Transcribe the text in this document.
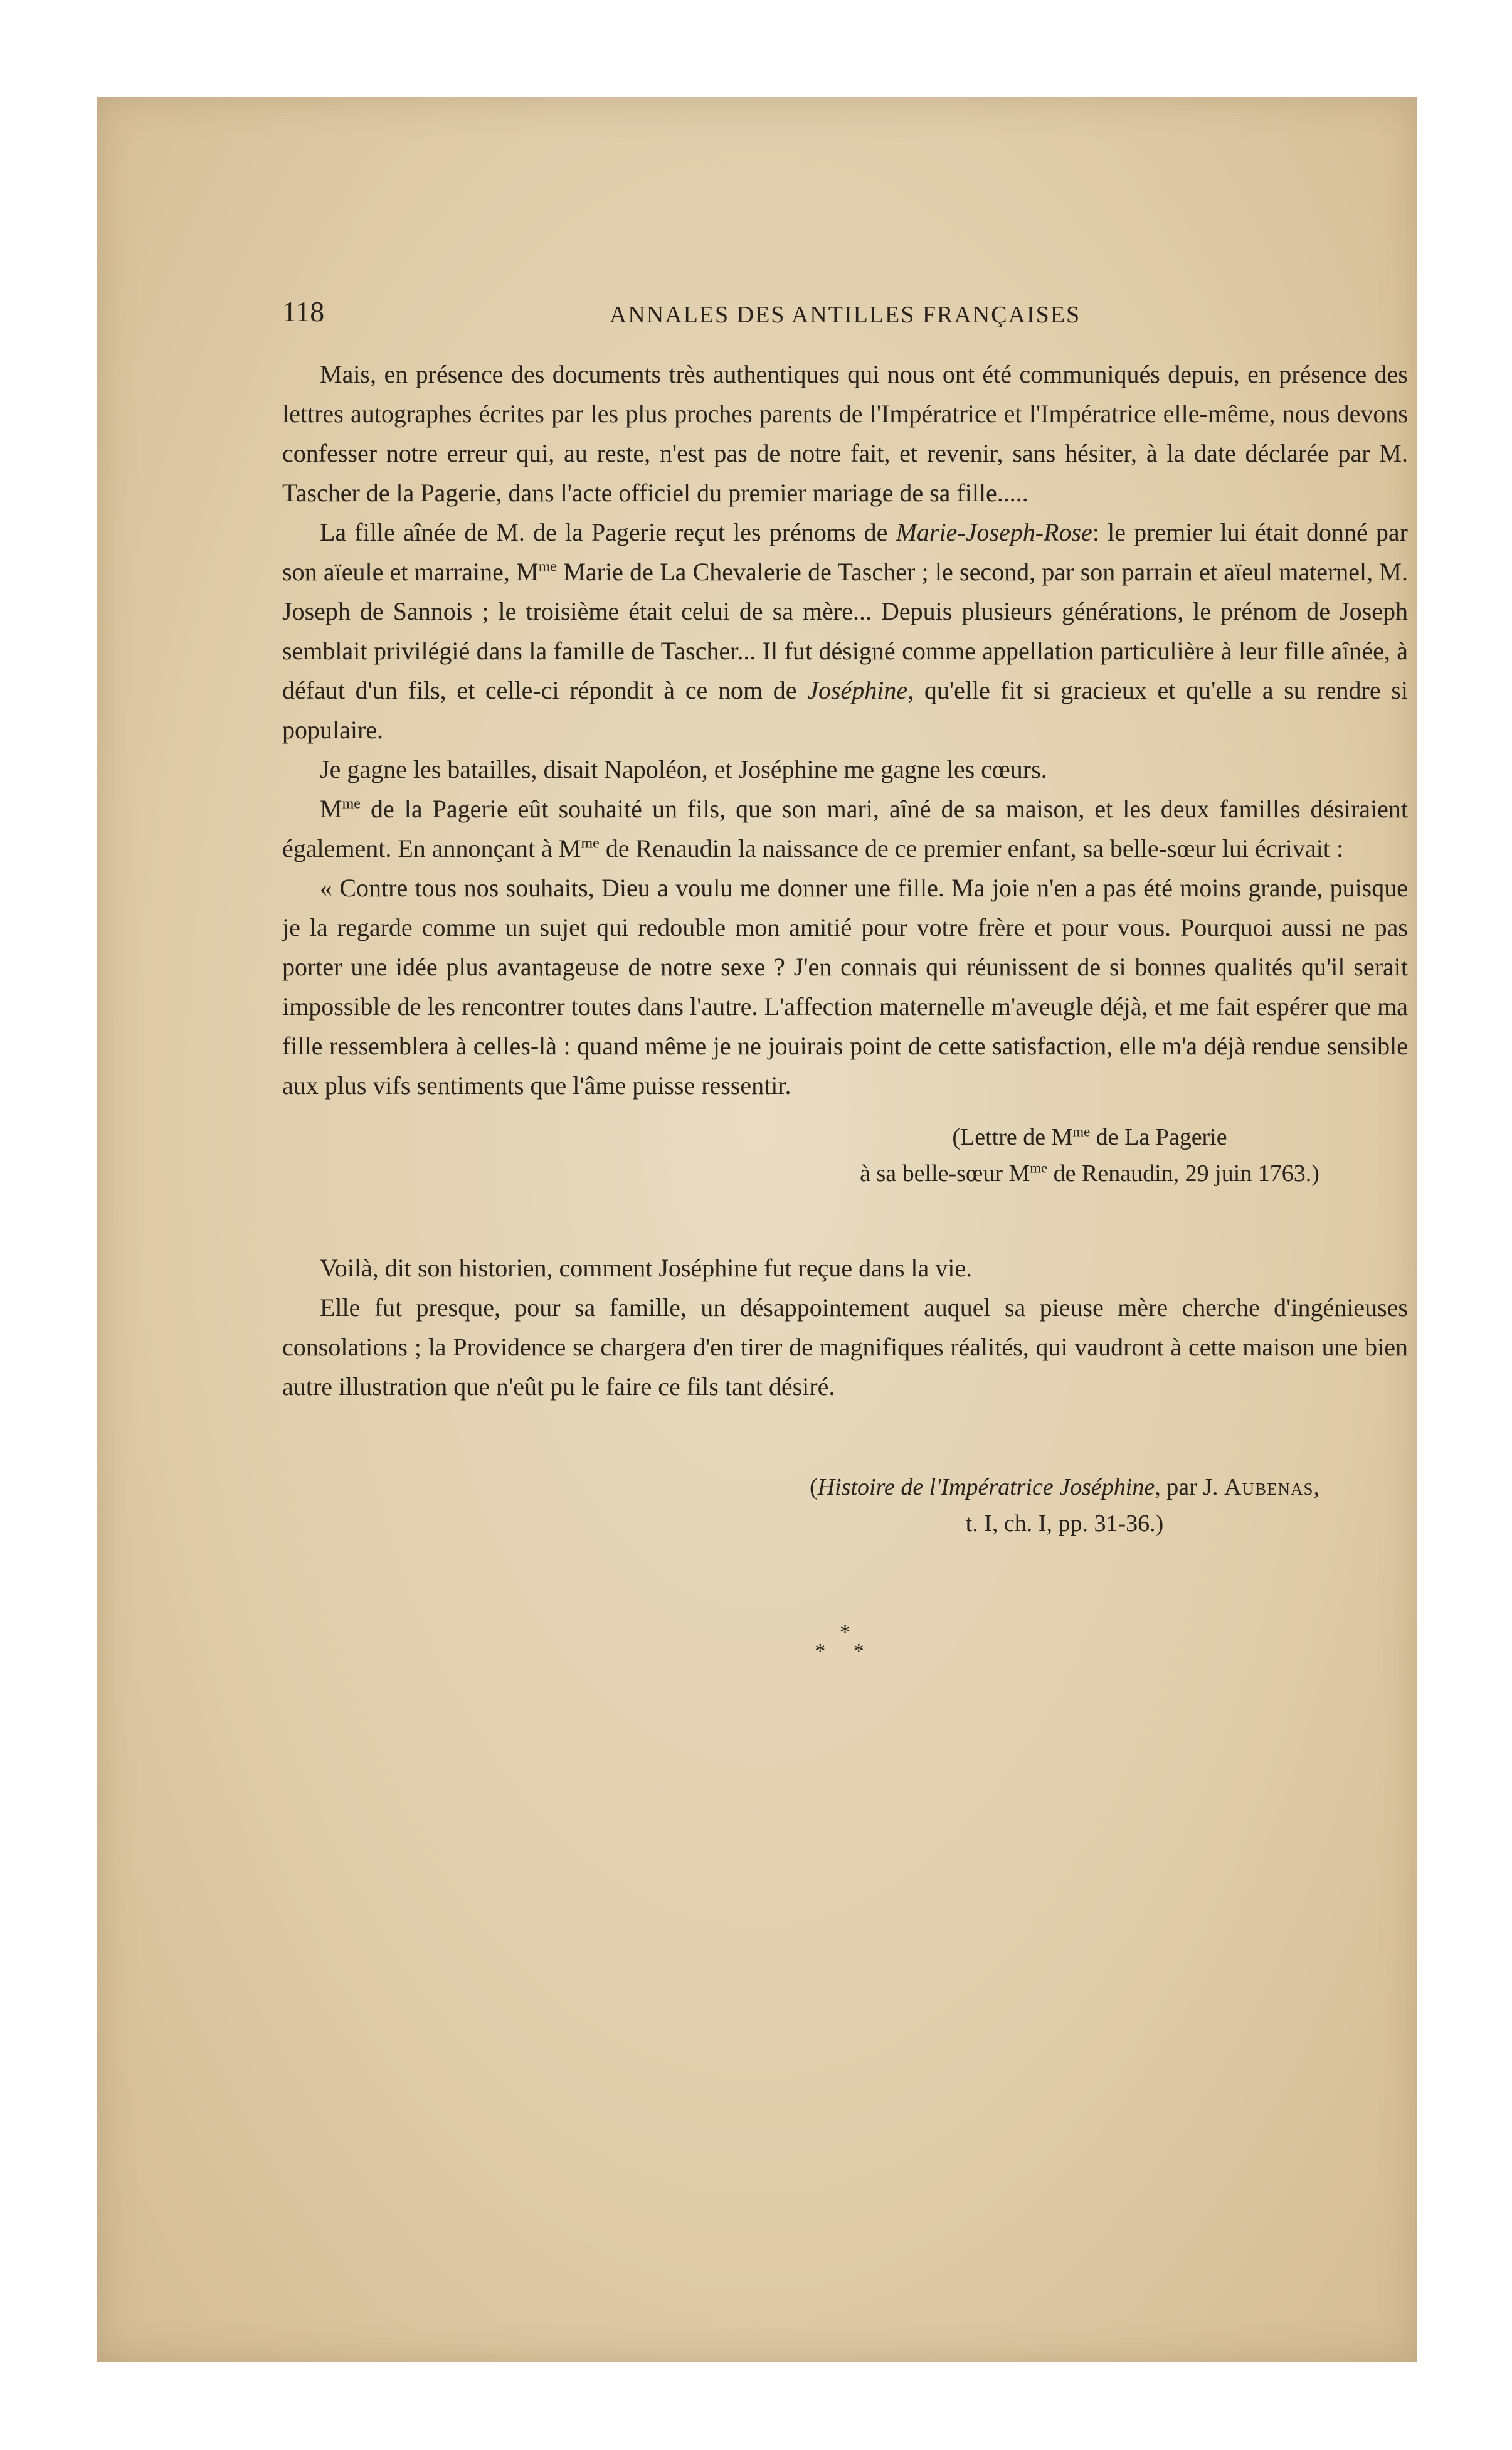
118	ANNALES DES ANTILLES FRANÇAISES

Mais, en présence des documents très authentiques qui nous ont été communiqués depuis, en présence des lettres autographes écrites par les plus proches parents de l'Impératrice et l'Impératrice elle-même, nous devons confesser notre erreur qui, au reste, n'est pas de notre fait, et revenir, sans hésiter, à la date déclarée par M. Tascher de la Pagerie, dans l'acte officiel du premier mariage de sa fille.....

La fille aînée de M. de la Pagerie reçut les prénoms de Marie-Joseph-Rose: le premier lui était donné par son aïeule et marraine, $M^{me}$ Marie de La Chevalerie de Tascher ; le second, par son parrain et aïeul maternel, M. Joseph de Sannois ; le troisième était celui de sa mère... Depuis plusieurs générations, le prénom de Joseph semblait privilégié dans la famille de Tascher... Il fut désigné comme appellation particulière à leur fille aînée, à défaut d'un fils, et celle-ci répondit à ce nom de Joséphine, qu'elle fit si gracieux et qu'elle a su rendre si populaire.

Je gagne les batailles, disait Napoléon, et Joséphine me gagne les cœurs.

$M^{me}$ de la Pagerie eût souhaité un fils, que son mari, aîné de sa maison, et les deux familles désiraient également. En annonçant à $M^{me}$ de Renaudin la naissance de ce premier enfant, sa belle-sœur lui écrivait :

« Contre tous nos souhaits, Dieu a voulu me donner une fille. Ma joie n'en a pas été moins grande, puisque je la regarde comme un sujet qui redouble mon amitié pour votre frère et pour vous. Pourquoi aussi ne pas porter une idée plus avantageuse de notre sexe ? J'en connais qui réunissent de si bonnes qualités qu'il serait impossible de les rencontrer toutes dans l'autre. L'affection maternelle m'aveugle déjà, et me fait espérer que ma fille ressemblera à celles-là : quand même je ne jouirais point de cette satisfaction, elle m'a déjà rendue sensible aux plus vifs sentiments que l'âme puisse ressentir.

(Lettre de $M^{me}$ de La Pagerie
à sa belle-sœur $M^{me}$ de Renaudin, 29 juin 1763.)

Voilà, dit son historien, comment Joséphine fut reçue dans la vie.

Elle fut presque, pour sa famille, un désappointement auquel sa pieuse mère cherche d'ingénieuses consolations ; la Providence se chargera d'en tirer de magnifiques réalités, qui vaudront à cette maison une bien autre illustration que n'eût pu le faire ce fils tant désiré.

(Histoire de l'Impératrice Joséphine, par J. Aubenas,
t. I, ch. I, pp. 31-36.)
*
* *
